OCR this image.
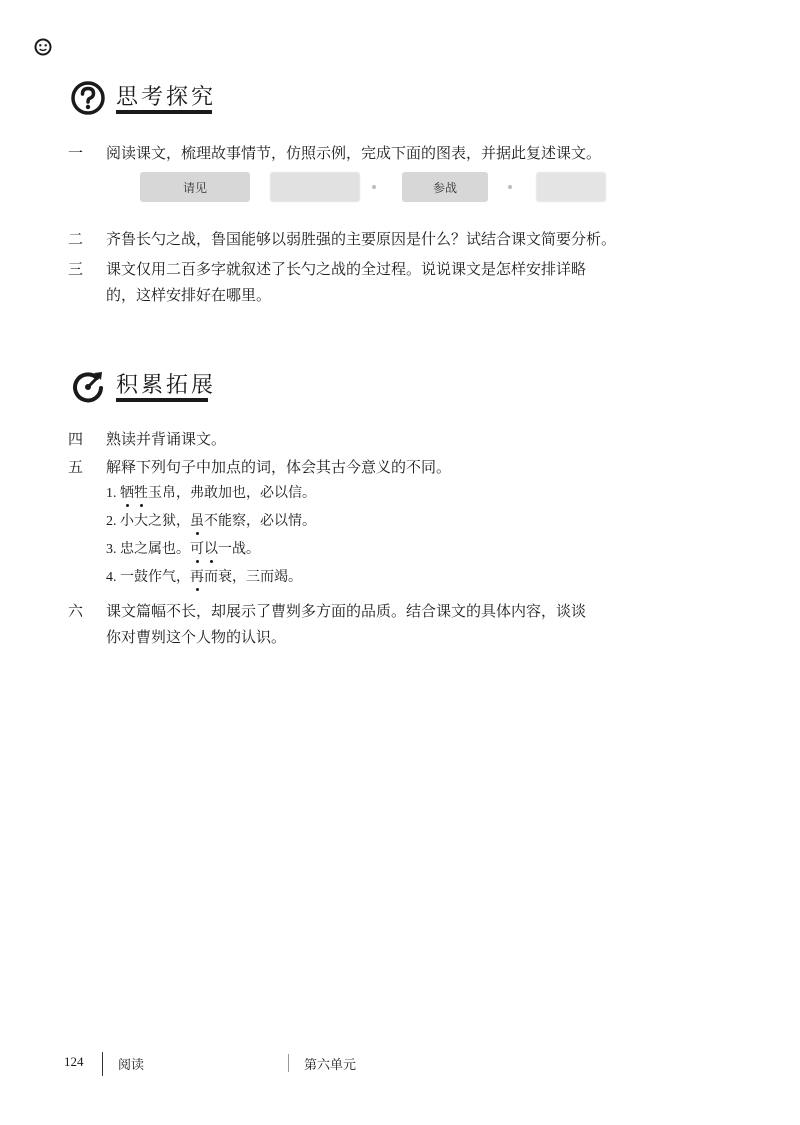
思考探究
一	阅读课文，梳理故事情节，仿照示例，完成下面的图表，并据此复述课文。
请见	参战
二	齐鲁长勺之战，鲁国能够以弱胜强的主要原因是什么？试结合课文简要分析。
三	课文仅用二百多字就叙述了长勺之战的全过程。说说课文是怎样安排详略
的，这样安排好在哪里。
积累拓展
四	熟读并背诵课文。
五	解释下列句子中加点的词，体会其古今意义的不同。
1. 牺牲玉帛，弗敢加也，必以信。
2. 小大之狱，虽不能察，必以情。
3. 忠之属也。可以一战。
4. 一鼓作气，再而衰，三而竭。
六	课文篇幅不长，却展示了曹刿多方面的品质。结合课文的具体内容，谈谈
你对曹刿这个人物的认识。
124	阅读	第六单元
